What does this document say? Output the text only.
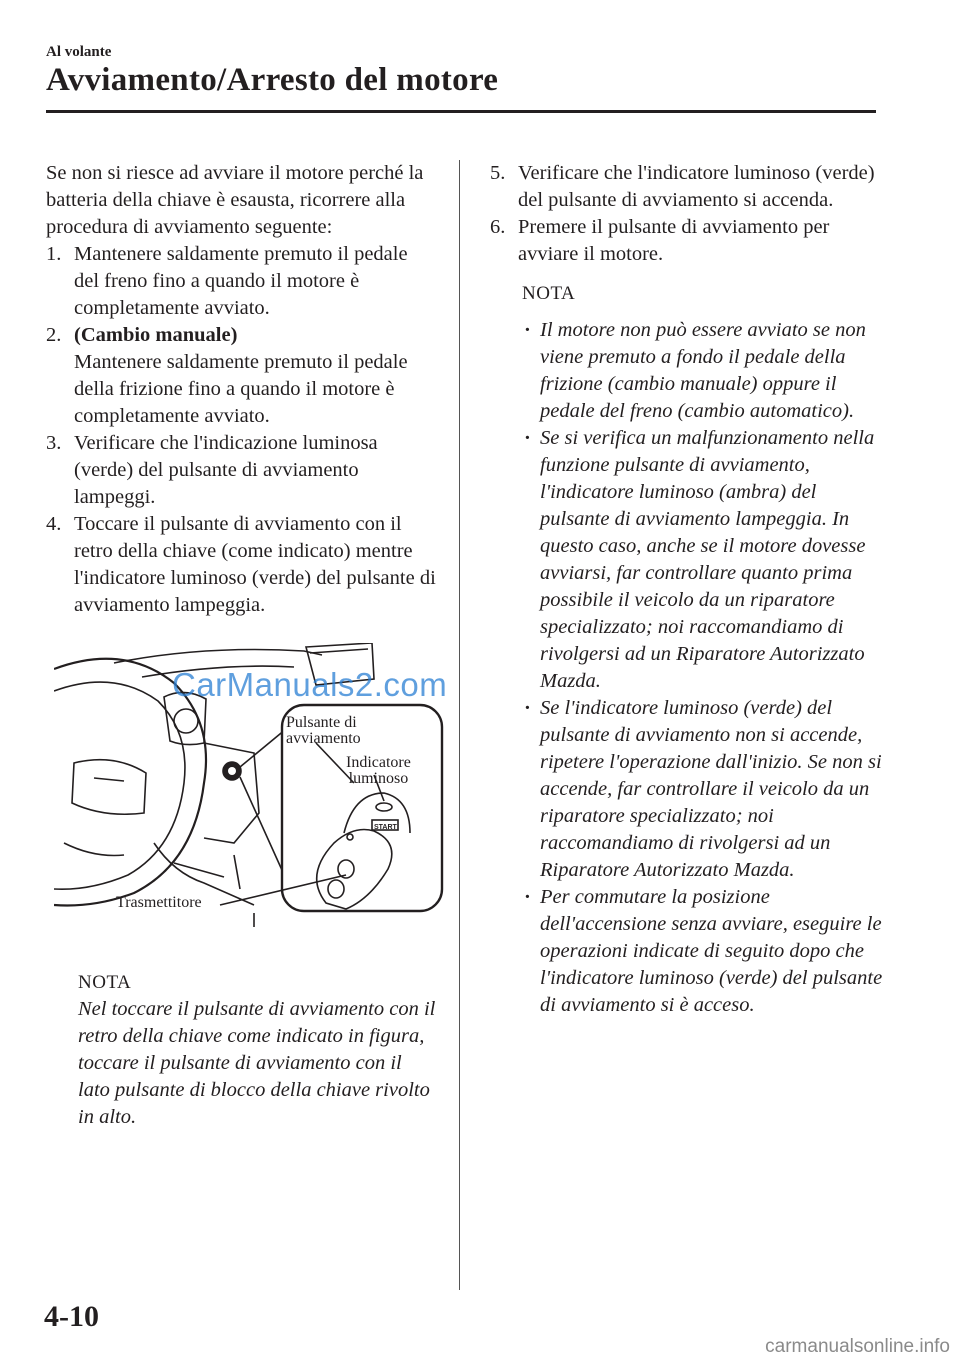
Al volante
Avviamento/Arresto del motore

Se non si riesce ad avviare il motore perché la batteria della chiave è esausta, ricorrere alla procedura di avviamento seguente:

1. Mantenere saldamente premuto il pedale del freno fino a quando il motore è completamente avviato.
2. (Cambio manuale)
Mantenere saldamente premuto il pedale della frizione fino a quando il motore è completamente avviato.
3. Verificare che l'indicazione luminosa (verde) del pulsante di avviamento lampeggi.
4. Toccare il pulsante di avviamento con il retro della chiave (come indicato) mentre l'indicatore luminoso (verde) del pulsante di avviamento lampeggia.
START
CarManuals2.com
Pulsante di
avviamento
Indicatore
luminoso
Trasmettitore
NOTA

Nel toccare il pulsante di avviamento con il retro della chiave come indicato in figura, toccare il pulsante di avviamento con il lato pulsante di blocco della chiave rivolto in alto.

5. Verificare che l'indicatore luminoso (verde) del pulsante di avviamento si accenda.
6. Premere il pulsante di avviamento per avviare il motore.
NOTA
· Il motore non può essere avviato se non viene premuto a fondo il pedale della frizione (cambio manuale) oppure il pedale del freno (cambio automatico).
· Se si verifica un malfunzionamento nella funzione pulsante di avviamento, l'indicatore luminoso (ambra) del pulsante di avviamento lampeggia. In questo caso, anche se il motore dovesse avviarsi, far controllare quanto prima possibile il veicolo da un riparatore specializzato; noi raccomandiamo di rivolgersi ad un Riparatore Autorizzato Mazda.
· Se l'indicatore luminoso (verde) del pulsante di avviamento non si accende, ripetere l'operazione dall'inizio. Se non si accende, far controllare il veicolo da un riparatore specializzato; noi raccomandiamo di rivolgersi ad un Riparatore Autorizzato Mazda.
· Per commutare la posizione dell'accensione senza avviare, eseguire le operazioni indicate di seguito dopo che l'indicatore luminoso (verde) del pulsante di avviamento si è acceso.
4-10
carmanualsonline.info
